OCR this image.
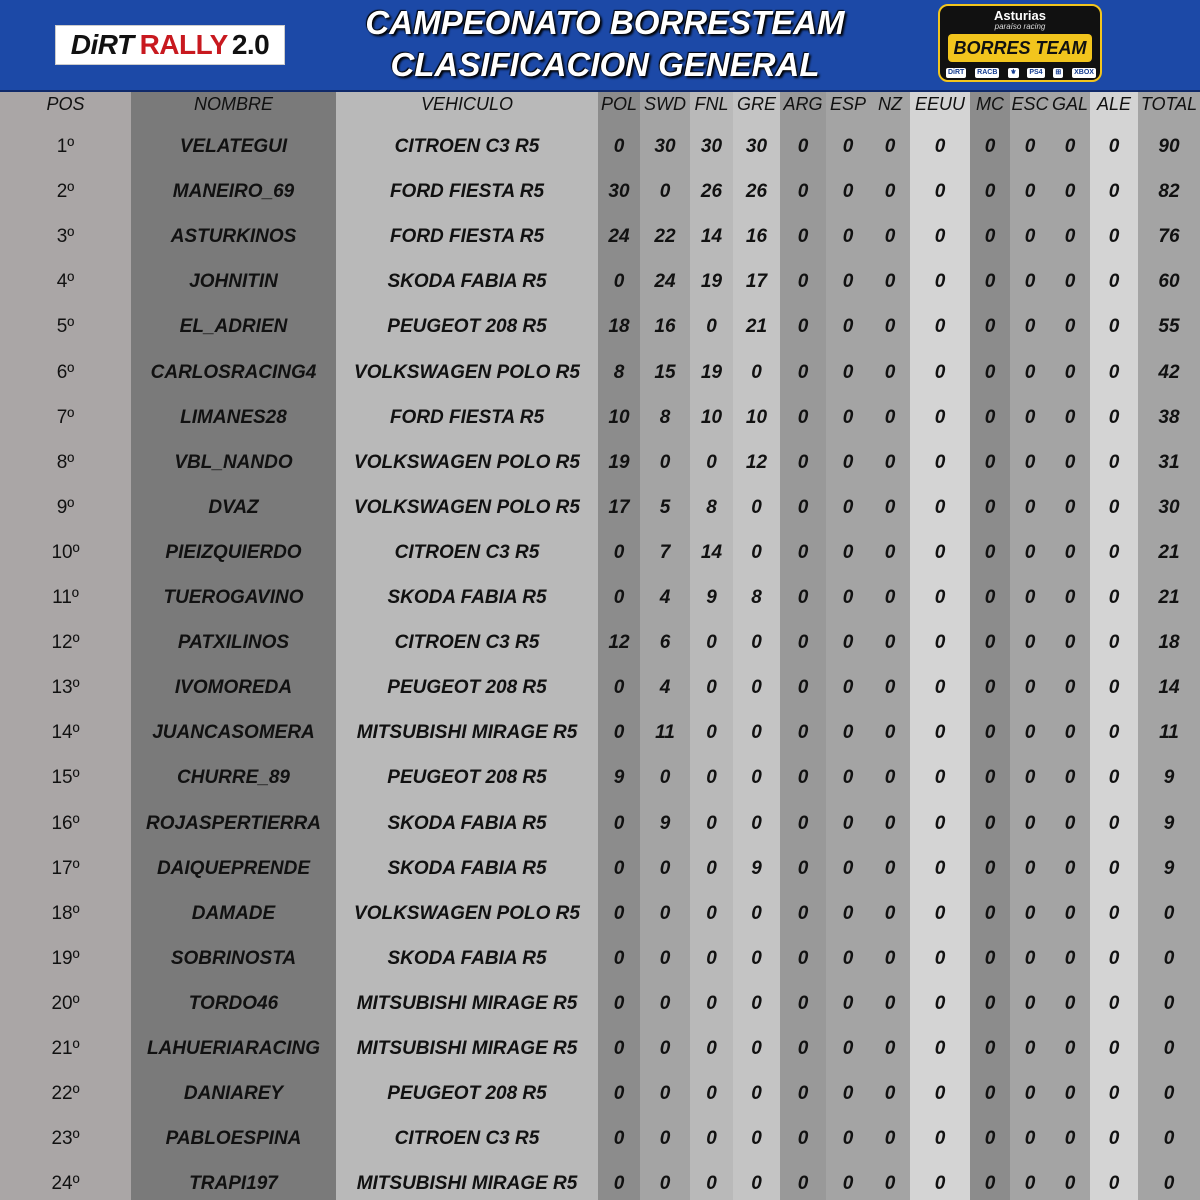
DiRT RALLY 2.0
CAMPEONATO BORRESTEAM
CLASIFICACION GENERAL
Asturias
paraíso racing
BORRES TEAM
DiRT RACB ⚜ PS4 ⊞ XBOX
POS	NOMBRE	VEHICULO	POL SWD FNL GRE ARG ESP NZ EEUU MC ESC GAL ALE TOTAL
1º	VELATEGUI	CITROEN C3 R5	0	30	30	30	0	0	0	0	0	0	0	0	90
2º	MANEIRO_69	FORD FIESTA R5	30	0	26	26	0	0	0	0	0	0	0	0	82
3º	ASTURKINOS	FORD FIESTA R5	24	22	14	16	0	0	0	0	0	0	0	0	76
4º	JOHNITIN	SKODA FABIA R5	0	24	19	17	0	0	0	0	0	0	0	0	60
5º	EL_ADRIEN	PEUGEOT 208 R5	18	16	0	21	0	0	0	0	0	0	0	0	55
6º	CARLOSRACING4	VOLKSWAGEN POLO R5	8	15	19	0	0	0	0	0	0	0	0	0	42
7º	LIMANES28	FORD FIESTA R5	10	8	10	10	0	0	0	0	0	0	0	0	38
8º	VBL_NANDO	VOLKSWAGEN POLO R5	19	0	0	12	0	0	0	0	0	0	0	0	31
9º	DVAZ	VOLKSWAGEN POLO R5	17	5	8	0	0	0	0	0	0	0	0	0	30
10º	PIEIZQUIERDO	CITROEN C3 R5	0	7	14	0	0	0	0	0	0	0	0	0	21
11º	TUEROGAVINO	SKODA FABIA R5	0	4	9	8	0	0	0	0	0	0	0	0	21
12º	PATXILINOS	CITROEN C3 R5	12	6	0	0	0	0	0	0	0	0	0	0	18
13º	IVOMOREDA	PEUGEOT 208 R5	0	4	0	0	0	0	0	0	0	0	0	0	14
14º	JUANCASOMERA	MITSUBISHI MIRAGE R5	0	11	0	0	0	0	0	0	0	0	0	0	11
15º	CHURRE_89	PEUGEOT 208 R5	9	0	0	0	0	0	0	0	0	0	0	0	9
16º	ROJASPERTIERRA	SKODA FABIA R5	0	9	0	0	0	0	0	0	0	0	0	0	9
17º	DAIQUEPRENDE	SKODA FABIA R5	0	0	0	9	0	0	0	0	0	0	0	0	9
18º	DAMADE	VOLKSWAGEN POLO R5	0	0	0	0	0	0	0	0	0	0	0	0	0
19º	SOBRINOSTA	SKODA FABIA R5	0	0	0	0	0	0	0	0	0	0	0	0	0
20º	TORDO46	MITSUBISHI MIRAGE R5	0	0	0	0	0	0	0	0	0	0	0	0	0
21º	LAHUERIARACING	MITSUBISHI MIRAGE R5	0	0	0	0	0	0	0	0	0	0	0	0	0
22º	DANIAREY	PEUGEOT 208 R5	0	0	0	0	0	0	0	0	0	0	0	0	0
23º	PABLOESPINA	CITROEN C3 R5	0	0	0	0	0	0	0	0	0	0	0	0	0
24º	TRAPI197	MITSUBISHI MIRAGE R5	0	0	0	0	0	0	0	0	0	0	0	0	0
